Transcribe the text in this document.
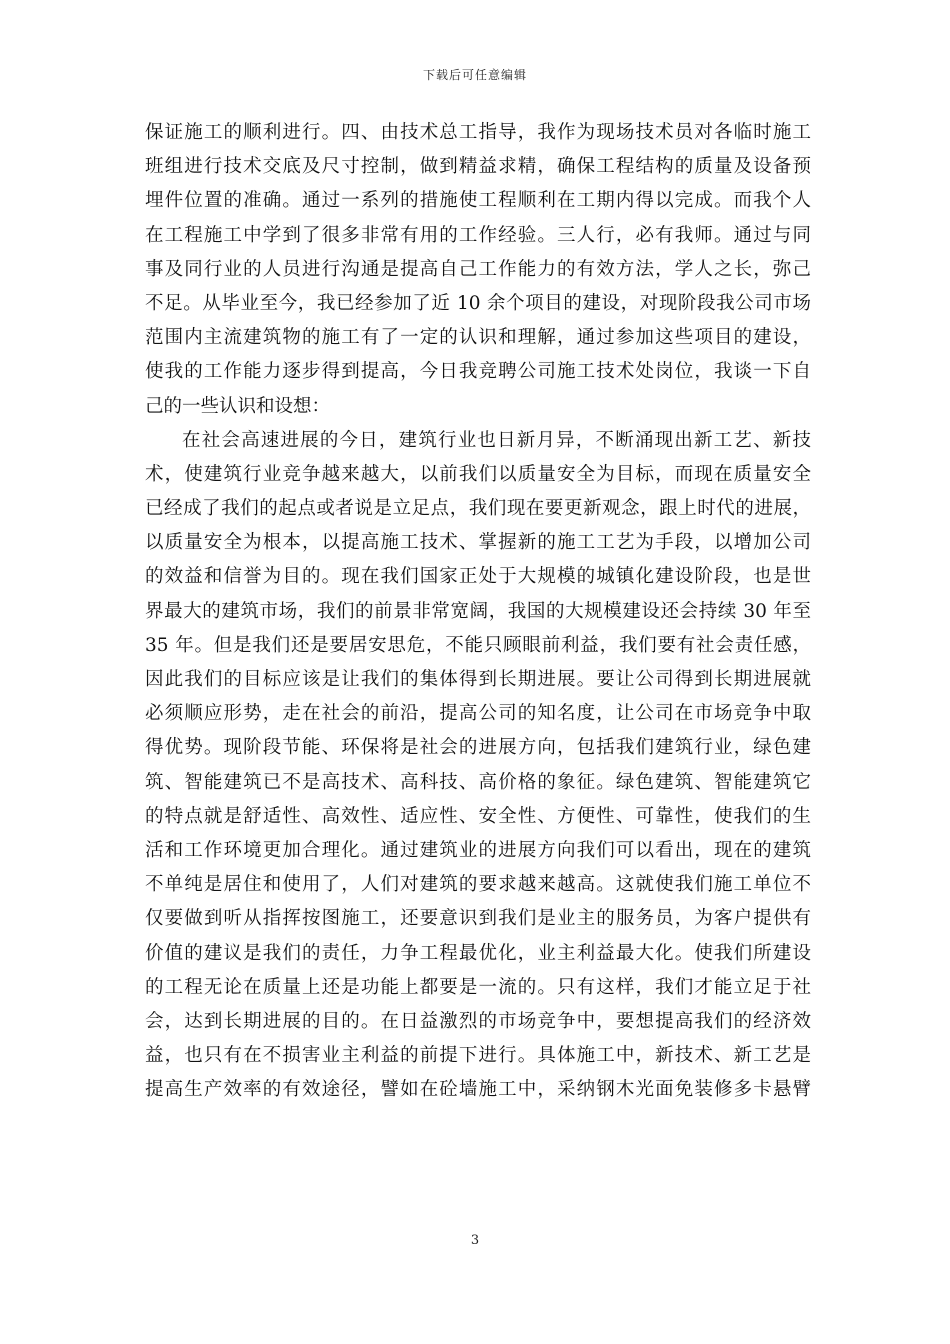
下载后可任意编辑
保证施工的顺利进行。四、由技术总工指导，我作为现场技术员对各临时施工
班组进行技术交底及尺寸控制，做到精益求精，确保工程结构的质量及设备预
埋件位置的准确。通过一系列的措施使工程顺利在工期内得以完成。而我个人
在工程施工中学到了很多非常有用的工作经验。三人行，必有我师。通过与同
事及同行业的人员进行沟通是提高自己工作能力的有效方法，学人之长，弥己
不足。从毕业至今，我已经参加了近 10 余个项目的建设，对现阶段我公司市场
范围内主流建筑物的施工有了一定的认识和理解，通过参加这些项目的建设，
使我的工作能力逐步得到提高，今日我竞聘公司施工技术处岗位，我谈一下自
己的一些认识和设想：
在社会高速进展的今日，建筑行业也日新月异，不断涌现出新工艺、新技
术，使建筑行业竞争越来越大，以前我们以质量安全为目标，而现在质量安全
已经成了我们的起点或者说是立足点，我们现在要更新观念，跟上时代的进展，
以质量安全为根本，以提高施工技术、掌握新的施工工艺为手段，以增加公司
的效益和信誉为目的。现在我们国家正处于大规模的城镇化建设阶段，也是世
界最大的建筑市场，我们的前景非常宽阔，我国的大规模建设还会持续 30 年至
35 年。但是我们还是要居安思危，不能只顾眼前利益，我们要有社会责任感，
因此我们的目标应该是让我们的集体得到长期进展。要让公司得到长期进展就
必须顺应形势，走在社会的前沿，提高公司的知名度，让公司在市场竞争中取
得优势。现阶段节能、环保将是社会的进展方向，包括我们建筑行业，绿色建
筑、智能建筑已不是高技术、高科技、高价格的象征。绿色建筑、智能建筑它
的特点就是舒适性、高效性、适应性、安全性、方便性、可靠性，使我们的生
活和工作环境更加合理化。通过建筑业的进展方向我们可以看出，现在的建筑
不单纯是居住和使用了，人们对建筑的要求越来越高。这就使我们施工单位不
仅要做到听从指挥按图施工，还要意识到我们是业主的服务员，为客户提供有
价值的建议是我们的责任，力争工程最优化，业主利益最大化。使我们所建设
的工程无论在质量上还是功能上都要是一流的。只有这样，我们才能立足于社
会，达到长期进展的目的。在日益激烈的市场竞争中，要想提高我们的经济效
益，也只有在不损害业主利益的前提下进行。具体施工中，新技术、新工艺是
提高生产效率的有效途径，譬如在砼墙施工中，采纳钢木光面免装修多卡悬臂
3
